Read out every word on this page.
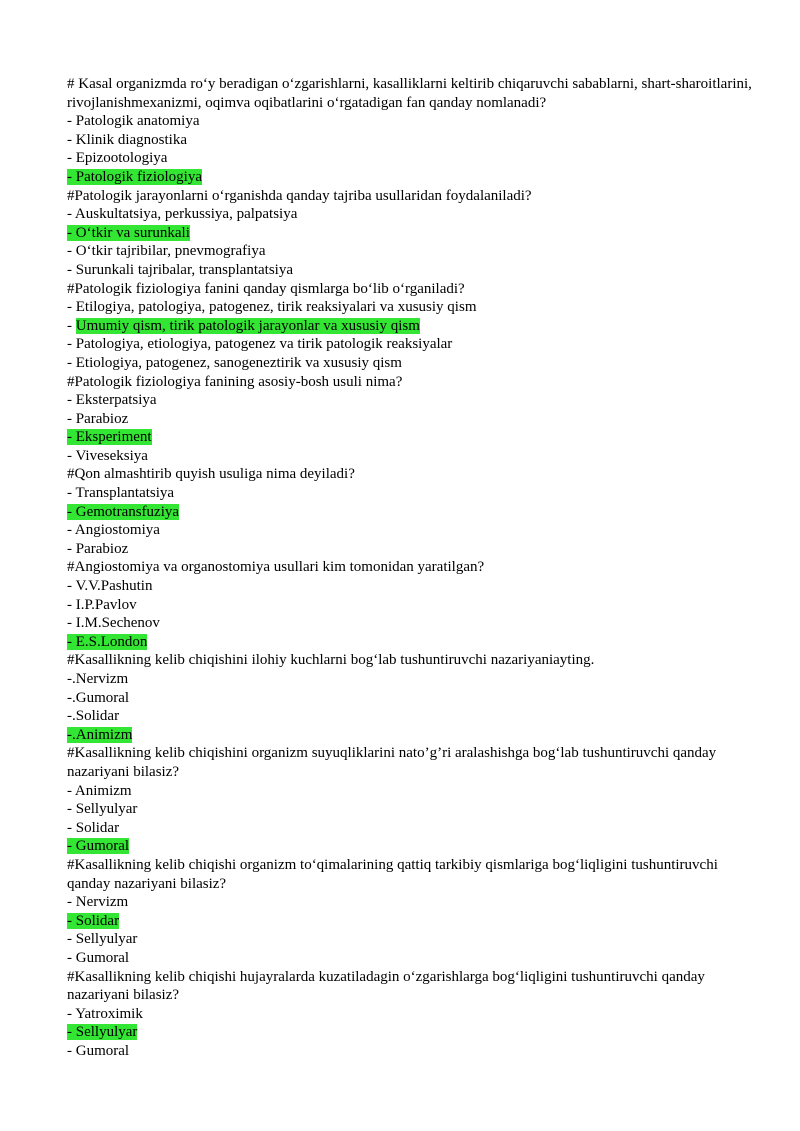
# Kasal organizmda ro‘y beradigan o‘zgarishlarni, kasalliklarni keltirib chiqaruvchi sabablarni, shart-sharoitlarini, rivojlanishmexanizmi, oqimva oqibatlarini o‘rgatadigan fan qanday nomlanadi?
- Patologik anatomiya
- Klinik diagnostika
- Epizootologiya
- Patologik fiziologiya
#Patologik jarayonlarni o‘rganishda qanday tajriba usullaridan foydalaniladi?
- Auskultatsiya, perkussiya, palpatsiya
- O‘tkir va surunkali
- O‘tkir tajribilar, pnevmografiya
- Surunkali tajribalar, transplantatsiya
#Patologik fiziologiya fanini qanday qismlarga bo‘lib o‘rganiladi?
- Etilogiya, patologiya, patogenez, tirik reaksiyalari va xususiy qism
- Umumiy qism, tirik patologik jarayonlar va xususiy qism
- Patologiya, etiologiya, patogenez va tirik patologik reaksiyalar
- Etiologiya, patogenez, sanogeneztirik va xususiy qism
#Patologik fiziologiya fanining asosiy-bosh usuli nima?
- Eksterpatsiya
- Parabioz
- Eksperiment
- Viveseksiya
#Qon almashtirib quyish usuliga nima deyiladi?
- Transplantatsiya
- Gemotransfuziya
- Angiostomiya
- Parabioz
#Angiostomiya va organostomiya usullari kim tomonidan yaratilgan?
- V.V.Pashutin
- I.P.Pavlov
- I.M.Sechenov
- E.S.London
#Kasallikning kelib chiqishini ilohiy kuchlarni bog‘lab tushuntiruvchi nazariyaniayting.
-.Nervizm
-.Gumoral
-.Solidar
-.Animizm
#Kasallikning kelib chiqishini organizm suyuqliklarini nato’g’ri aralashishga bog‘lab tushuntiruvchi qanday nazariyani bilasiz?
- Animizm
- Sellyulyar
- Solidar
- Gumoral
#Kasallikning kelib chiqishi organizm to‘qimalarining qattiq tarkibiy qismlariga bog‘liqligini tushuntiruvchi qanday nazariyani bilasiz?
- Nervizm
- Solidar
- Sellyulyar
- Gumoral
#Kasallikning kelib chiqishi hujayralarda kuzatiladagin o‘zgarishlarga bog‘liqligini tushuntiruvchi qanday nazariyani bilasiz?
- Yatroximik
- Sellyulyar
- Gumoral
